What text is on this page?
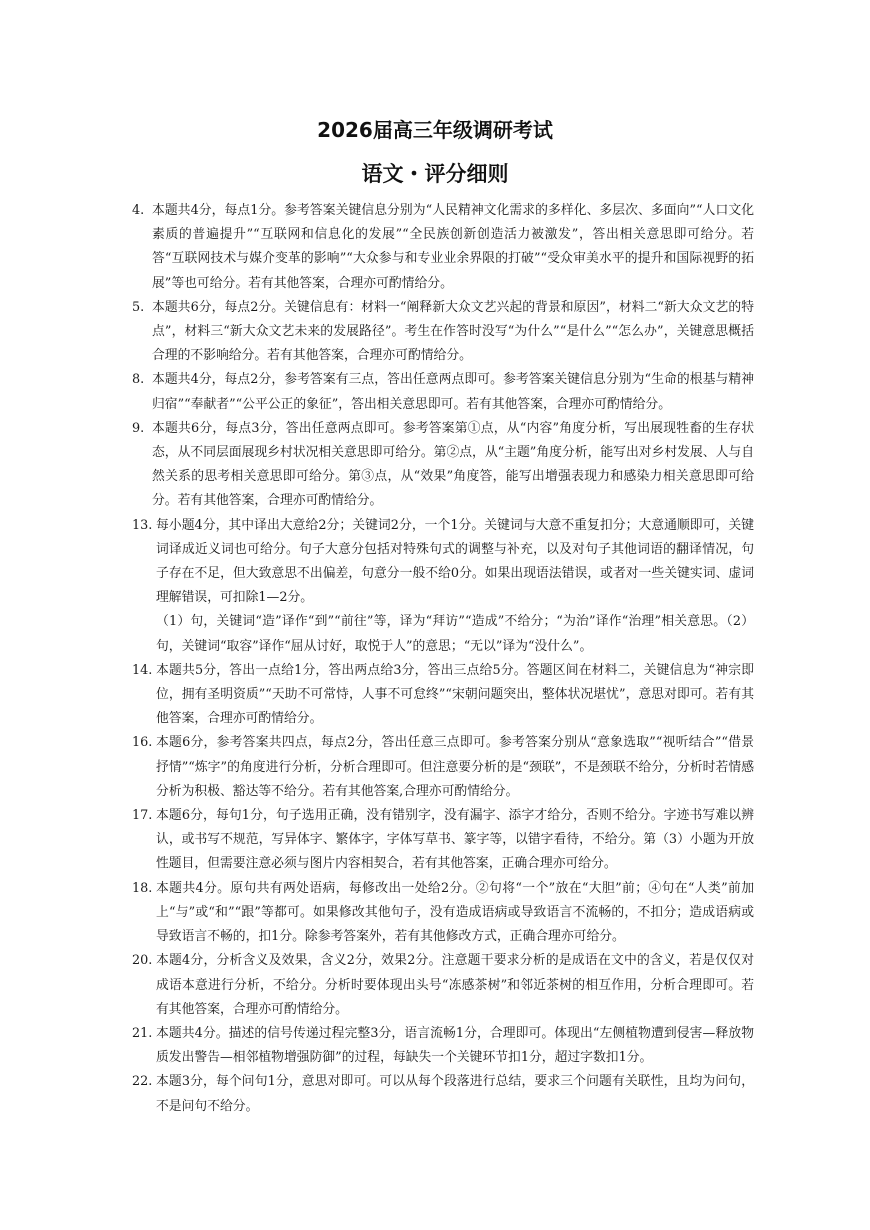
2026届高三年级调研考试
语文・评分细则
4. 本题共4分，每点1分。参考答案关键信息分别为“人民精神文化需求的多样化、多层次、多面向”“人口文化素质的普遍提升”“互联网和信息化的发展”“全民族创新创造活力被激发”，答出相关意思即可给分。若答“互联网技术与媒介变革的影响”“大众参与和专业业余界限的打破”“受众审美水平的提升和国际视野的拓展”等也可给分。若有其他答案，合理亦可酌情给分。
5. 本题共6分，每点2分。关键信息有：材料一“阐释新大众文艺兴起的背景和原因”，材料二“新大众文艺的特点”，材料三“新大众文艺未来的发展路径”。考生在作答时没写“为什么”“是什么”“怎么办”，关键意思概括合理的不影响给分。若有其他答案，合理亦可酌情给分。
8. 本题共4分，每点2分，参考答案有三点，答出任意两点即可。参考答案关键信息分别为“生命的根基与精神归宿”“奉献者”“公平公正的象征”，答出相关意思即可。若有其他答案，合理亦可酌情给分。
9. 本题共6分，每点3分，答出任意两点即可。参考答案第①点，从“内容”角度分析，写出展现牲畜的生存状态，从不同层面展现乡村状况相关意思即可给分。第②点，从“主题”角度分析，能写出对乡村发展、人与自然关系的思考相关意思即可给分。第③点，从“效果”角度答，能写出增强表现力和感染力相关意思即可给分。若有其他答案，合理亦可酌情给分。
13. 每小题4分，其中译出大意给2分；关键词2分，一个1分。关键词与大意不重复扣分；大意通顺即可，关键词译成近义词也可给分。句子大意分包括对特殊句式的调整与补充，以及对句子其他词语的翻译情况，句子存在不足，但大致意思不出偏差，句意分一般不给0分。如果出现语法错误，或者对一些关键实词、虚词理解错误，可扣除1—2分。
（1）句，关键词“造”译作“到”“前往”等，译为“拜访”“造成”不给分；“为治”译作“治理”相关意思。（2）句，关键词“取容”译作“屈从讨好，取悦于人”的意思；“无以”译为“没什么”。
14. 本题共5分，答出一点给1分，答出两点给3分，答出三点给5分。答题区间在材料二，关键信息为“神宗即位，拥有圣明资质”“天助不可常恃，人事不可怠终”“宋朝问题突出，整体状况堪忧”，意思对即可。若有其他答案，合理亦可酌情给分。
16. 本题6分，参考答案共四点，每点2分，答出任意三点即可。参考答案分别从“意象选取”“视听结合”“借景抒情”“炼字”的角度进行分析，分析合理即可。但注意要分析的是“颈联”，不是颈联不给分，分析时若情感分析为积极、豁达等不给分。若有其他答案,合理亦可酌情给分。
17. 本题6分，每句1分，句子选用正确，没有错别字，没有漏字、添字才给分，否则不给分。字迹书写难以辨认，或书写不规范，写异体字、繁体字，字体写草书、篆字等，以错字看待，不给分。第（3）小题为开放性题目，但需要注意必须与图片内容相契合，若有其他答案，正确合理亦可给分。
18. 本题共4分。原句共有两处语病，每修改出一处给2分。②句将“一个”放在“大胆”前；④句在“人类”前加上“与”或“和”“跟”等都可。如果修改其他句子，没有造成语病或导致语言不流畅的，不扣分；造成语病或导致语言不畅的，扣1分。除参考答案外，若有其他修改方式，正确合理亦可给分。
20. 本题4分，分析含义及效果，含义2分，效果2分。注意题干要求分析的是成语在文中的含义，若是仅仅对成语本意进行分析，不给分。分析时要体现出头号“冻感茶树”和邻近茶树的相互作用，分析合理即可。若有其他答案，合理亦可酌情给分。
21. 本题共4分。描述的信号传递过程完整3分，语言流畅1分，合理即可。体现出“左侧植物遭到侵害—释放物质发出警告—相邻植物增强防御”的过程，每缺失一个关键环节扣1分，超过字数扣1分。
22. 本题3分，每个问句1分，意思对即可。可以从每个段落进行总结，要求三个问题有关联性，且均为问句，不是问句不给分。
